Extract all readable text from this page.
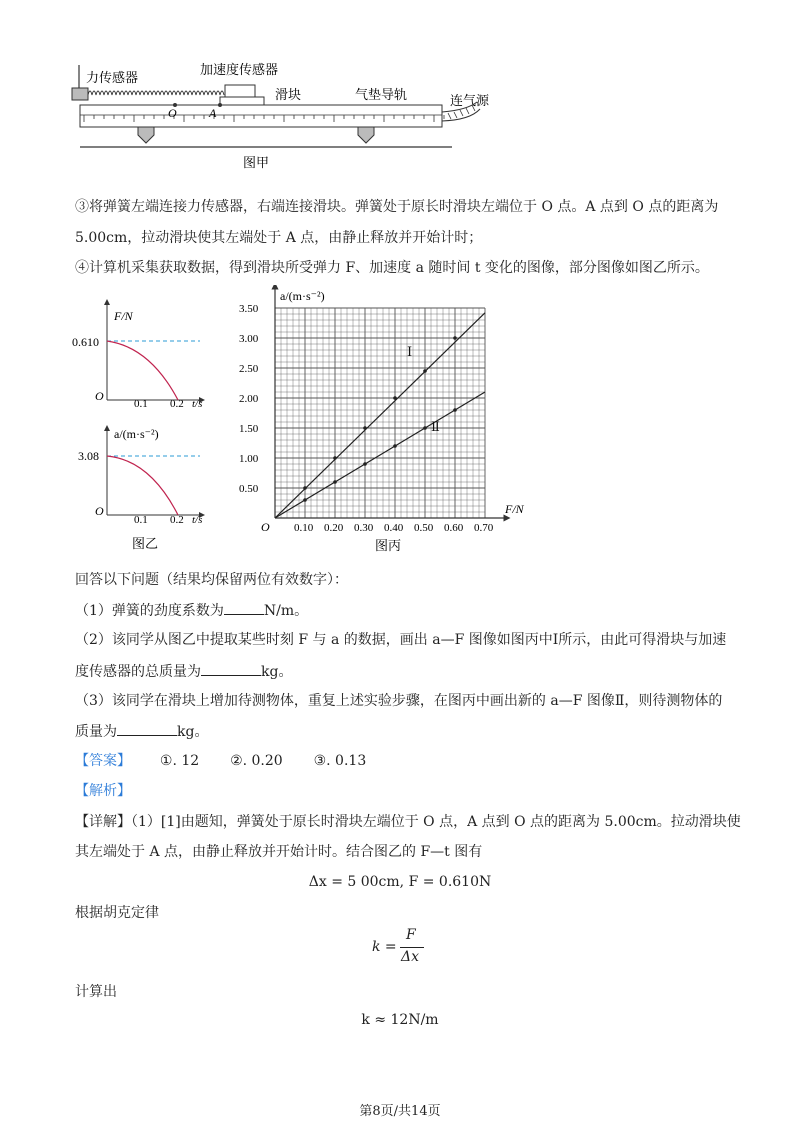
力传感器
加速度传感器
滑块	气垫导轨	连气源
O	A
图甲
③将弹簧左端连接力传感器，右端连接滑块。弹簧处于原长时滑块左端位于 O 点。A 点到 O 点的距离为
5.00cm，拉动滑块使其左端处于 A 点，由静止释放并开始计时；
④计算机采集获取数据，得到滑块所受弹力 F、加速度 a 随时间 t 变化的图像，部分图像如图乙所示。
F/N
0.610
O
0.1 0.2 t/s
a/(m·s⁻²)
3.08
O
0.1 0.2 t/s
图乙
0.10 0.20 0.30 0.40 0.50 0.60 0.70
0.50
1.00
1.50
2.00
2.50
3.00
3.50
Ⅰ
Ⅱ
a/(m·s⁻²)
F/N
O
图丙
回答以下问题（结果均保留两位有效数字）：
（1）弹簧的劲度系数为	N/m。
（2）该同学从图乙中提取某些时刻 F 与 a 的数据，画出 a—F 图像如图丙中Ⅰ所示，由此可得滑块与加速
度传感器的总质量为	kg。
（3）该同学在滑块上增加待测物体，重复上述实验步骤，在图丙中画出新的 a—F 图像Ⅱ，则待测物体的
质量为	kg。
【答案】 ①. 12 ②. 0.20 ③. 0.13
【解析】
【详解】（1）[1]由题知，弹簧处于原长时滑块左端位于 O 点，A 点到 O 点的距离为 5.00cm。拉动滑块使
其左端处于 A 点，由静止释放并开始计时。结合图乙的 F—t 图有
Δx = 5 00cm, F = 0.610N
根据胡克定律
k =
F
Δx
计算出
k ≈ 12N/m
第8页/共14页
